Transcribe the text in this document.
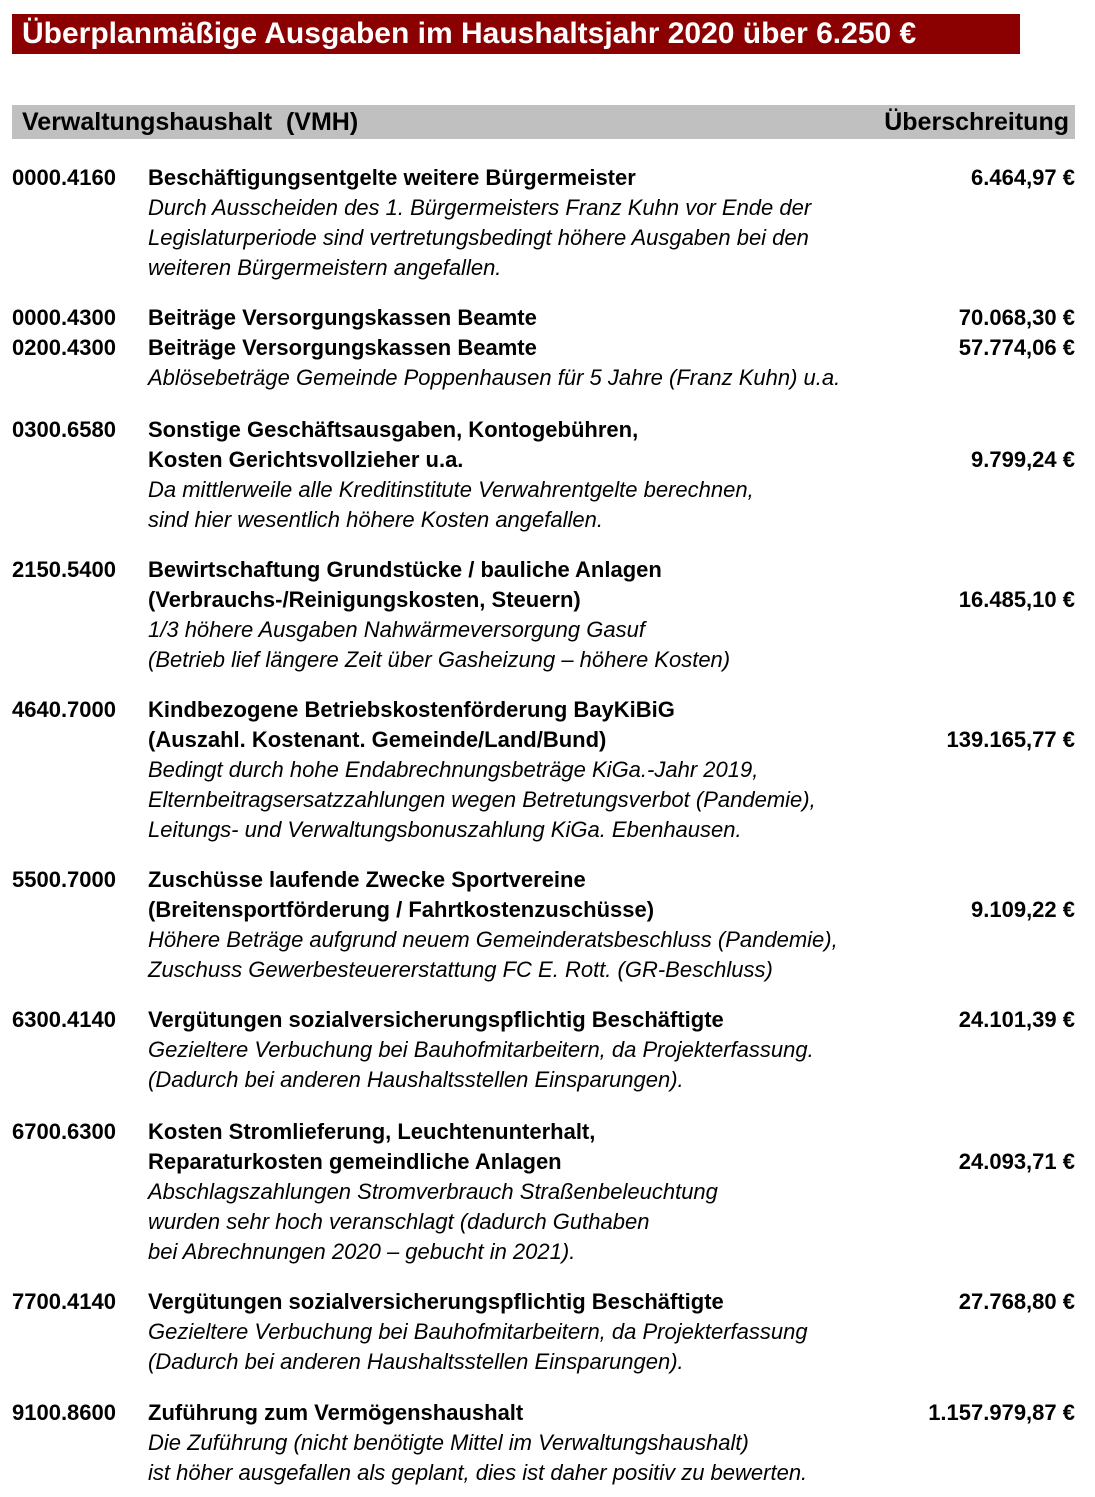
Überplanmäßige Ausgaben im Haushaltsjahr 2020 über 6.250 €
Verwaltungshaushalt  (VMH)	Überschreitung
0000.4160 Beschäftigungsentgelte weitere Bürgermeister	6.464,97 €
Durch Ausscheiden des 1. Bürgermeisters Franz Kuhn vor Ende der
Legislaturperiode sind vertretungsbedingt höhere Ausgaben bei den
weiteren Bürgermeistern angefallen.
0000.4300 Beiträge Versorgungskassen Beamte	70.068,30 €
0200.4300 Beiträge Versorgungskassen Beamte	57.774,06 €
Ablösebeträge Gemeinde Poppenhausen für 5 Jahre (Franz Kuhn) u.a.
0300.6580 Sonstige Geschäftsausgaben, Kontogebühren,
Kosten Gerichtsvollzieher u.a.	9.799,24 €
Da mittlerweile alle Kreditinstitute Verwahrentgelte berechnen,
sind hier wesentlich höhere Kosten angefallen.
2150.5400 Bewirtschaftung Grundstücke / bauliche Anlagen
(Verbrauchs-/Reinigungskosten, Steuern)	16.485,10 €
1/3 höhere Ausgaben Nahwärmeversorgung Gasuf
(Betrieb lief längere Zeit über Gasheizung – höhere Kosten)
4640.7000 Kindbezogene Betriebskostenförderung BayKiBiG
(Auszahl. Kostenant. Gemeinde/Land/Bund)	139.165,77 €
Bedingt durch hohe Endabrechnungsbeträge KiGa.-Jahr 2019,
Elternbeitragsersatzzahlungen wegen Betretungsverbot (Pandemie),
Leitungs- und Verwaltungsbonuszahlung KiGa. Ebenhausen.
5500.7000 Zuschüsse laufende Zwecke Sportvereine
(Breitensportförderung / Fahrtkostenzuschüsse)	9.109,22 €
Höhere Beträge aufgrund neuem Gemeinderatsbeschluss (Pandemie),
Zuschuss Gewerbesteuererstattung FC E. Rott. (GR-Beschluss)
6300.4140 Vergütungen sozialversicherungspflichtig Beschäftigte	24.101,39 €
Gezieltere Verbuchung bei Bauhofmitarbeitern, da Projekterfassung.
(Dadurch bei anderen Haushaltsstellen Einsparungen).
6700.6300 Kosten Stromlieferung, Leuchtenunterhalt,
Reparaturkosten gemeindliche Anlagen	24.093,71 €
Abschlagszahlungen Stromverbrauch Straßenbeleuchtung
wurden sehr hoch veranschlagt (dadurch Guthaben
bei Abrechnungen 2020 – gebucht in 2021).
7700.4140 Vergütungen sozialversicherungspflichtig Beschäftigte	27.768,80 €
Gezieltere Verbuchung bei Bauhofmitarbeitern, da Projekterfassung
(Dadurch bei anderen Haushaltsstellen Einsparungen).
9100.8600 Zuführung zum Vermögenshaushalt	1.157.979,87 €
Die Zuführung (nicht benötigte Mittel im Verwaltungshaushalt)
ist höher ausgefallen als geplant, dies ist daher positiv zu bewerten.
